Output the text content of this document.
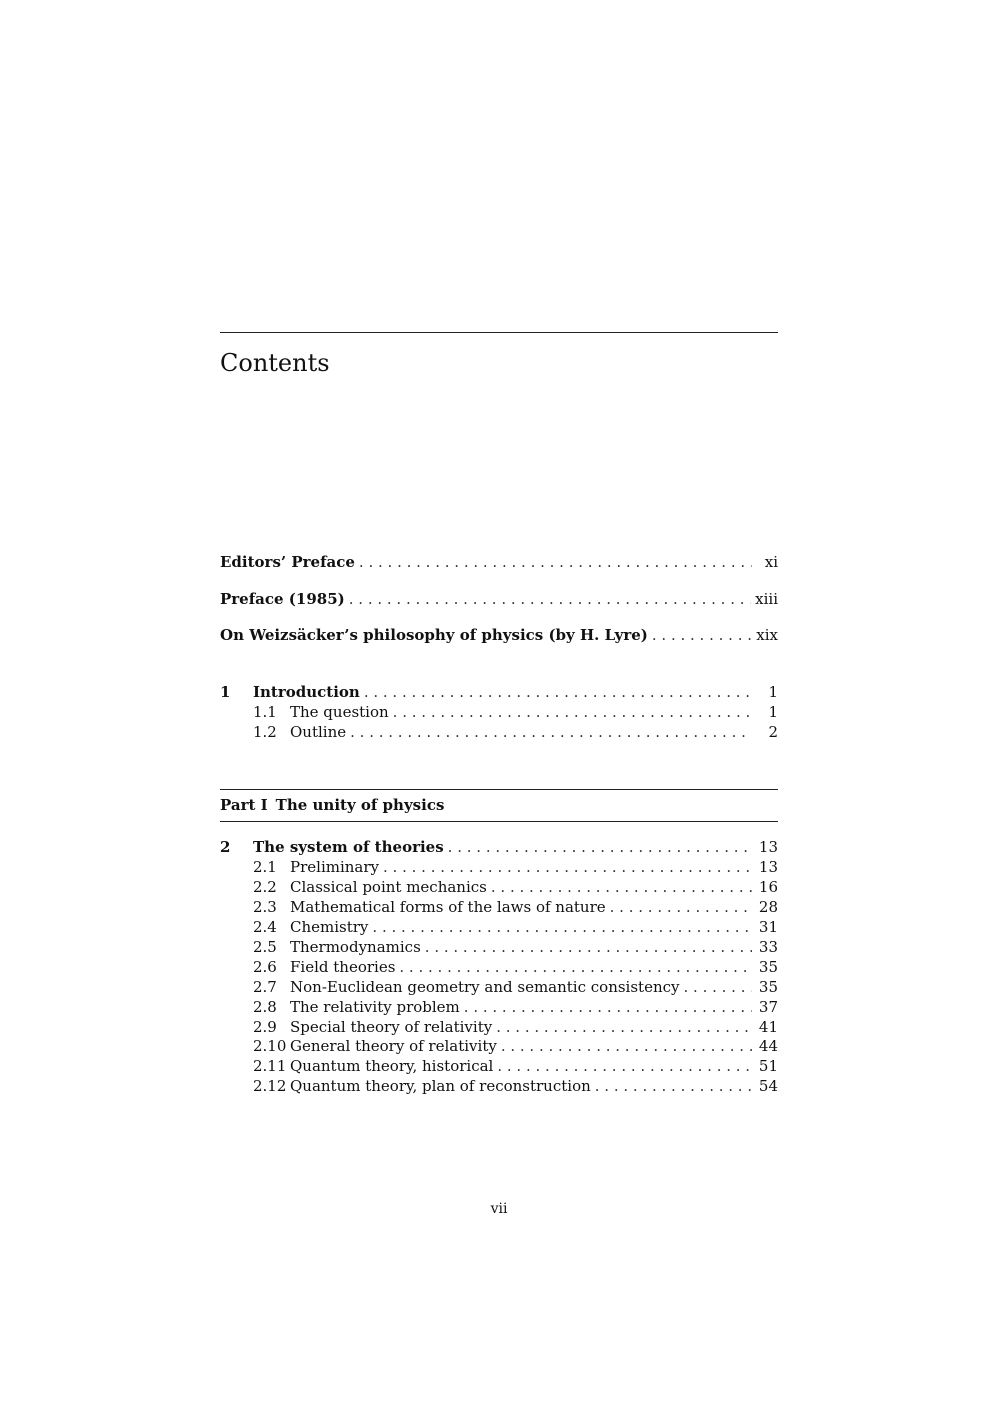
Contents
Editors’ Preface . . .	xi
Preface (1985) . . .	xiii
On Weizsäcker’s philosophy of physics (by H. Lyre) . . .	xix
1	Introduction . . .	1
1.1 The question . . .	1
1.2 Outline . . .	2
Part I The unity of physics
2	The system of theories . . .	13
2.1 Preliminary . . .	13
2.2 Classical point mechanics . . .	16
2.3 Mathematical forms of the laws of nature . . .	28
2.4 Chemistry . . .	31
2.5 Thermodynamics . . .	33
2.6 Field theories . . .	35
2.7 Non-Euclidean geometry and semantic consistency . . .	35
2.8 The relativity problem . . .	37
2.9 Special theory of relativity . . .	41
2.10 General theory of relativity . . .	44
2.11 Quantum theory, historical . . .	51
2.12 Quantum theory, plan of reconstruction . . .	54
vii
